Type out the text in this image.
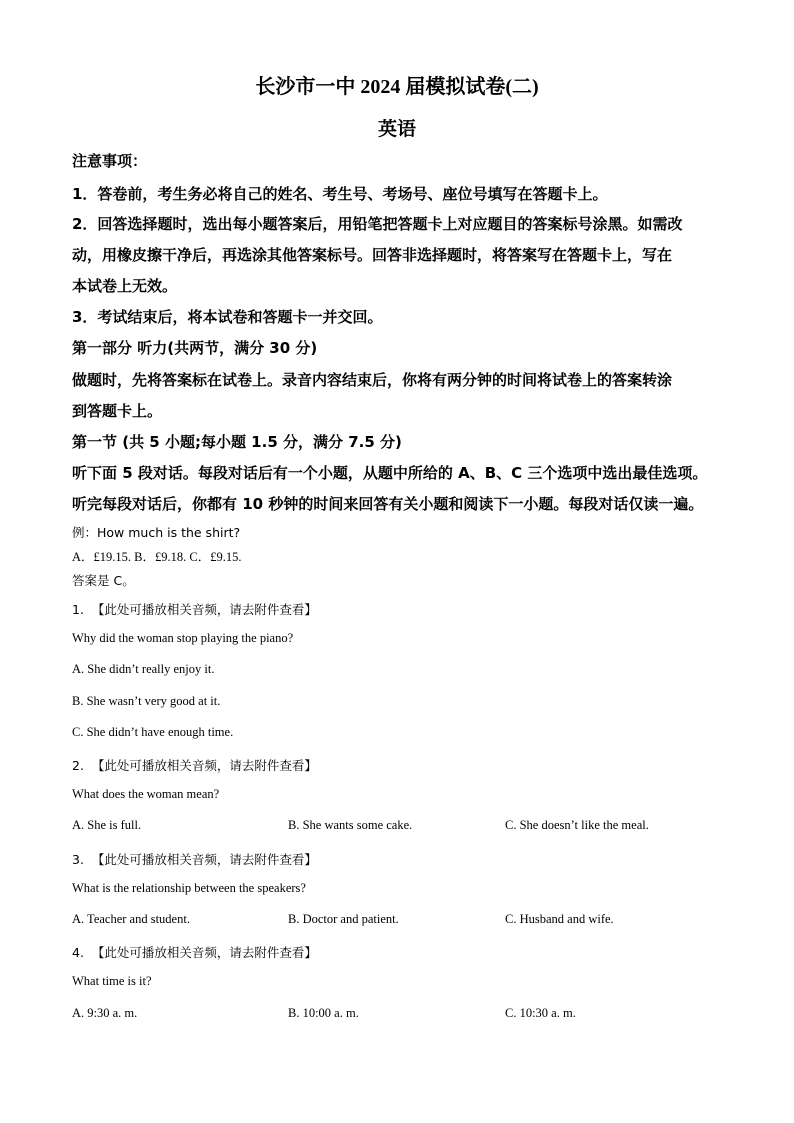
长沙市一中 2024 届模拟试卷(二)
英语
注意事项：
1．答卷前，考生务必将自己的姓名、考生号、考场号、座位号填写在答题卡上。
2．回答选择题时，选出每小题答案后，用铅笔把答题卡上对应题目的答案标号涂黑。如需改
动，用橡皮擦干净后，再选涂其他答案标号。回答非选择题时，将答案写在答题卡上，写在
本试卷上无效。
3．考试结束后，将本试卷和答题卡一并交回。
第一部分 听力(共两节，满分 30 分)
做题时，先将答案标在试卷上。录音内容结束后，你将有两分钟的时间将试卷上的答案转涂
到答题卡上。
第一节 (共 5 小题;每小题 1.5 分，满分 7.5 分)
听下面 5 段对话。每段对话后有一个小题，从题中所给的 A、B、C 三个选项中选出最佳选项。
听完每段对话后，你都有 10 秒钟的时间来回答有关小题和阅读下一小题。每段对话仅读一遍。
例：How much is the shirt?
A．£19.15. B．£9.18. C．£9.15.
答案是 C。
1. 【此处可播放相关音频，请去附件查看】
Why did the woman stop playing the piano?
A. She didn’t really enjoy it.
B. She wasn’t very good at it.
C. She didn’t have enough time.
2. 【此处可播放相关音频，请去附件查看】
What does the woman mean?
A. She is full.	B. She wants some cake.	C. She doesn’t like the meal.
3. 【此处可播放相关音频，请去附件查看】
What is the relationship between the speakers?
A. Teacher and student.	B. Doctor and patient.	C. Husband and wife.
4. 【此处可播放相关音频，请去附件查看】
What time is it?
A. 9:30 a. m.	B. 10:00 a. m.	C. 10:30 a. m.
